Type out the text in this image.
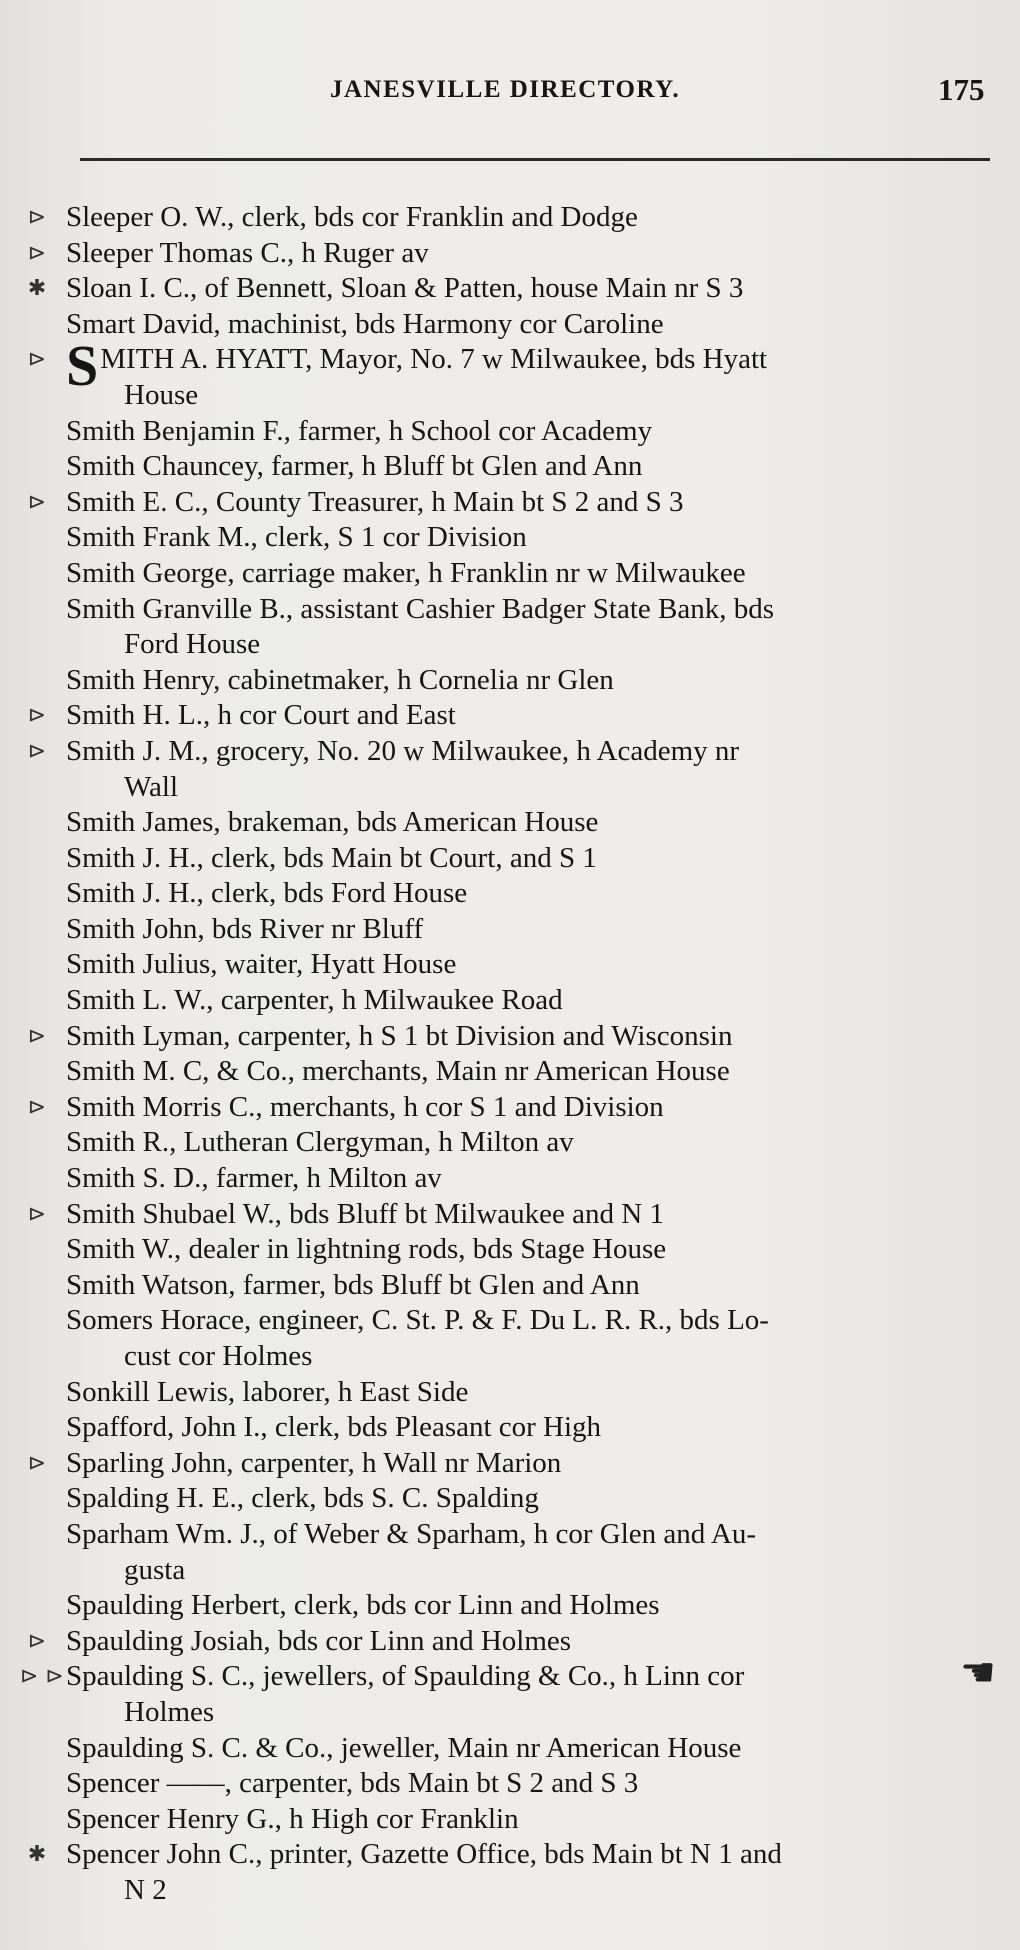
JANESVILLE DIRECTORY.	175
⊳ Sleeper O. W., clerk, bds cor Franklin and Dodge
⊳ Sleeper Thomas C., h Ruger av
✱ Sloan I. C., of Bennett, Sloan & Patten, house Main nr S 3
Smart David, machinist, bds Harmony cor Caroline
⊳ S MITH A. HYATT, Mayor, No. 7 w Milwaukee, bds Hyatt
House
Smith Benjamin F., farmer, h School cor Academy
Smith Chauncey, farmer, h Bluff bt Glen and Ann
⊳ Smith E. C., County Treasurer, h Main bt S 2 and S 3
Smith Frank M., clerk, S 1 cor Division
Smith George, carriage maker, h Franklin nr w Milwaukee
Smith Granville B., assistant Cashier Badger State Bank, bds
Ford House
Smith Henry, cabinetmaker, h Cornelia nr Glen
⊳ Smith H. L., h cor Court and East
⊳ Smith J. M., grocery, No. 20 w Milwaukee, h Academy nr
Wall
Smith James, brakeman, bds American House
Smith J. H., clerk, bds Main bt Court, and S 1
Smith J. H., clerk, bds Ford House
Smith John, bds River nr Bluff
Smith Julius, waiter, Hyatt House
Smith L. W., carpenter, h Milwaukee Road
⊳ Smith Lyman, carpenter, h S 1 bt Division and Wisconsin
Smith M. C, & Co., merchants, Main nr American House
⊳ Smith Morris C., merchants, h cor S 1 and Division
Smith R., Lutheran Clergyman, h Milton av
Smith S. D., farmer, h Milton av
⊳ Smith Shubael W., bds Bluff bt Milwaukee and N 1
Smith W., dealer in lightning rods, bds Stage House
Smith Watson, farmer, bds Bluff bt Glen and Ann
Somers Horace, engineer, C. St. P. & F. Du L. R. R., bds Lo-
cust cor Holmes
Sonkill Lewis, laborer, h East Side
Spafford, John I., clerk, bds Pleasant cor High
⊳ Sparling John, carpenter, h Wall nr Marion
Spalding H. E., clerk, bds S. C. Spalding
Sparham Wm. J., of Weber & Sparham, h cor Glen and Au-
gusta
Spaulding Herbert, clerk, bds cor Linn and Holmes
⊳ Spaulding Josiah, bds cor Linn and Holmes
⊳ ⊳ Spaulding S. C., jewellers, of Spaulding & Co., h Linn cor
Holmes
Spaulding S. C. & Co., jeweller, Main nr American House
Spencer ——, carpenter, bds Main bt S 2 and S 3
Spencer Henry G., h High cor Franklin
✱ Spencer John C., printer, Gazette Office, bds Main bt N 1 and
N 2
☚
